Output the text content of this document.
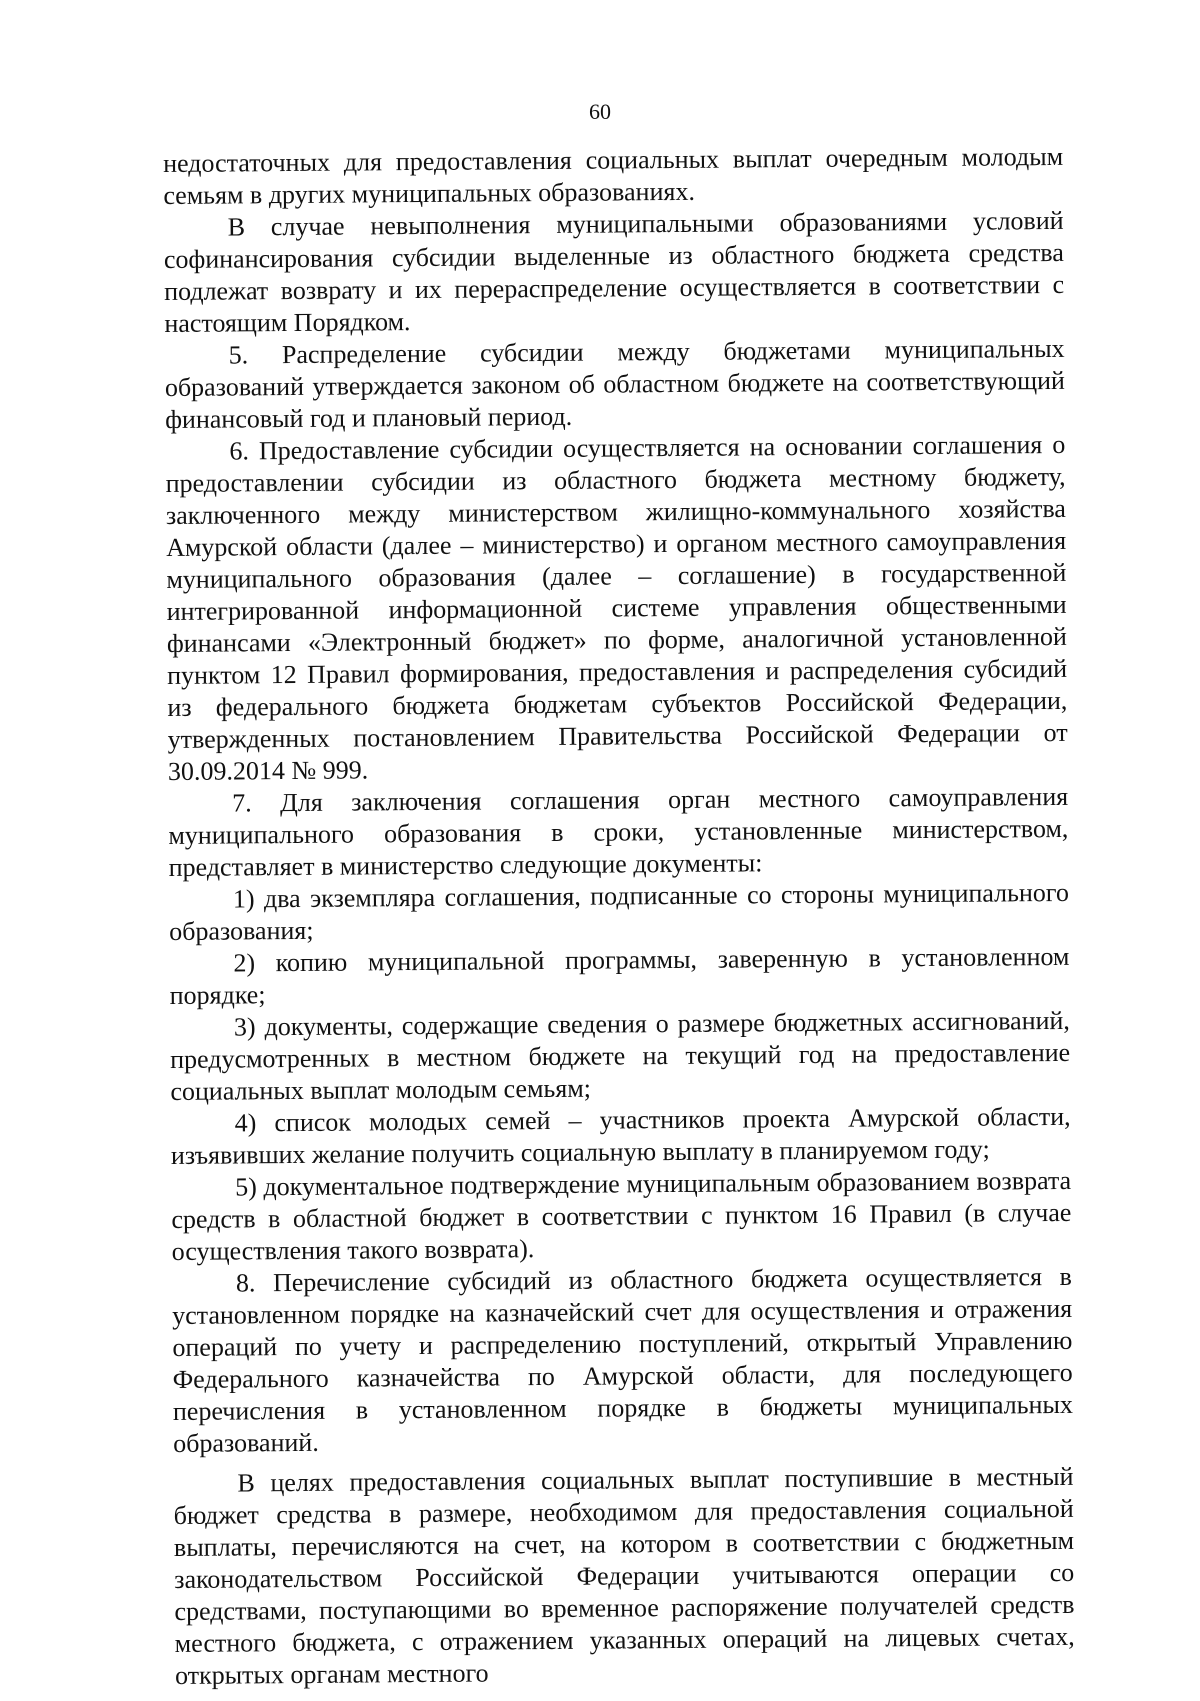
60

недостаточных для предоставления социальных выплат очередным молодым семьям в других муниципальных образованиях.

В случае невыполнения муниципальными образованиями условий софинансирования субсидии выделенные из областного бюджета средства подлежат возврату и их перераспределение осуществляется в соответствии с настоящим Порядком.

5. Распределение субсидии между бюджетами муниципальных образований утверждается законом об областном бюджете на соответствующий финансовый год и плановый период.

6. Предоставление субсидии осуществляется на основании соглашения о предоставлении субсидии из областного бюджета местному бюджету, заключенного между министерством жилищно-коммунального хозяйства Амурской области (далее – министерство) и органом местного самоуправления муниципального образования (далее – соглашение) в государственной интегрированной информационной системе управления общественными финансами «Электронный бюджет» по форме, аналогичной установленной пунктом 12 Правил формирования, предоставления и распределения субсидий из федерального бюджета бюджетам субъектов Российской Федерации, утвержденных постановлением Правительства Российской Федерации от 30.09.2014 № 999.

7. Для заключения соглашения орган местного самоуправления муниципального образования в сроки, установленные министерством, представляет в министерство следующие документы:

1) два экземпляра соглашения, подписанные со стороны муниципального образования;

2) копию муниципальной программы, заверенную в установленном порядке;

3) документы, содержащие сведения о размере бюджетных ассигнований, предусмотренных в местном бюджете на текущий год на предоставление социальных выплат молодым семьям;

4) список молодых семей – участников проекта Амурской области, изъявивших желание получить социальную выплату в планируемом году;

5) документальное подтверждение муниципальным образованием возврата средств в областной бюджет в соответствии с пунктом 16 Правил (в случае осуществления такого возврата).

8. Перечисление субсидий из областного бюджета осуществляется в установленном порядке на казначейский счет для осуществления и отражения операций по учету и распределению поступлений, открытый Управлению Федерального казначейства по Амурской области, для последующего перечисления в установленном порядке в бюджеты муниципальных образований.

В целях предоставления социальных выплат поступившие в местный бюджет средства в размере, необходимом для предоставления социальной выплаты, перечисляются на счет, на котором в соответствии с бюджетным законодательством Российской Федерации учитываются операции со средствами, поступающими во временное распоряжение получателей средств местного бюджета, с отражением указанных операций на лицевых счетах, открытых органам местного
